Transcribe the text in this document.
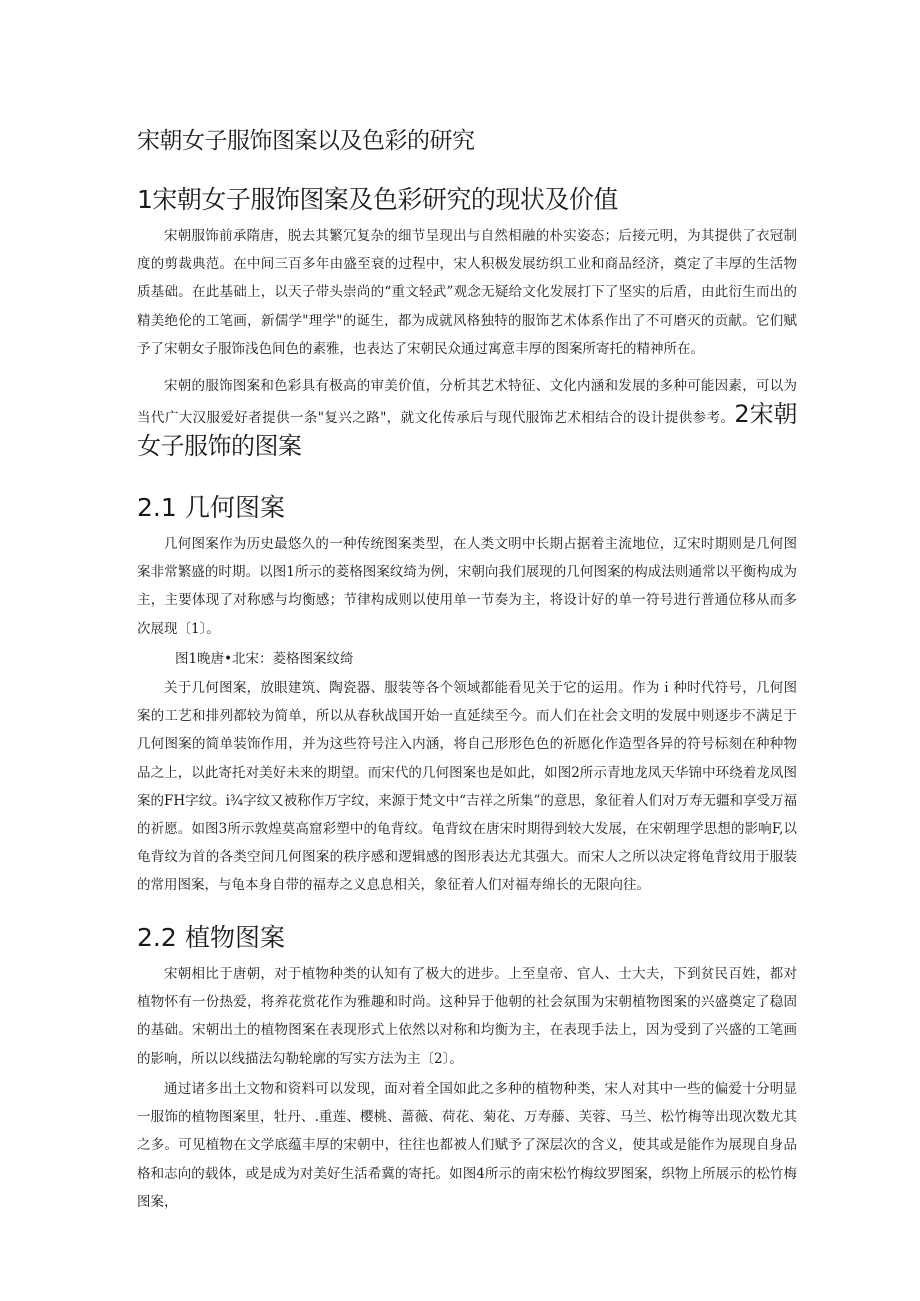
宋朝女子服饰图案以及色彩的研究
1宋朝女子服饰图案及色彩研究的现状及价值

宋朝服饰前承隋唐，脱去其繁冗复杂的细节呈现出与自然相融的朴实姿态；后接元明，为其提供了衣冠制度的剪裁典范。在中间三百多年由盛至衰的过程中，宋人积极发展纺织工业和商品经济，奠定了丰厚的生活物质基础。在此基础上，以天子带头崇尚的“重文轻武”观念无疑给文化发展打下了坚实的后盾，由此衍生而出的精美绝伦的工笔画，新儒学"理学"的诞生，都为成就风格独特的服饰艺术体系作出了不可磨灭的贡献。它们赋予了宋朝女子服饰浅色间色的素雅，也表达了宋朝民众通过寓意丰厚的图案所寄托的精神所在。

宋朝的服饰图案和色彩具有极高的审美价值，分析其艺术特征、文化内涵和发展的多种可能因素，可以为当代广大汉服爱好者提供一条"复兴之路"，就文化传承后与现代服饰艺术相结合的设计提供参考。2宋朝女子服饰的图案

2.1 几何图案

几何图案作为历史最悠久的一种传统图案类型，在人类文明中长期占据着主流地位，辽宋时期则是几何图案非常繁盛的时期。以图1所示的菱格图案纹绮为例，宋朝向我们展现的几何图案的构成法则通常以平衡构成为主，主要体现了对称感与均衡感；节律构成则以使用单一节奏为主，将设计好的单一符号进行普通位移从而多次展现〔1〕。

图1晚唐•北宋：菱格图案纹绮

关于几何图案，放眼建筑、陶瓷器、服装等各个领域都能看见关于它的运用。作为ｉ种时代符号，几何图案的工艺和排列都较为简单，所以从春秋战国开始一直延续至今。而人们在社会文明的发展中则逐步不满足于几何图案的简单装饰作用，并为这些符号注入内涵，将自己形形色色的祈愿化作造型各异的符号标刻在种种物品之上，以此寄托对美好未来的期望。而宋代的几何图案也是如此，如图2所示青地龙凤天华锦中环绕着龙凤图案的FH字纹。i¾字纹又被称作万字纹，来源于梵文中“吉祥之所集”的意思，象征着人们对万寿无疆和享受万福的祈愿。如图3所示敦煌莫高窟彩塑中的龟背纹。龟背纹在唐宋时期得到较大发展，在宋朝理学思想的影响F,以龟背纹为首的各类空间几何图案的秩序感和逻辑感的图形表达尤其强大。而宋人之所以决定将龟背纹用于服装的常用图案，与龟本身自带的福寿之义息息相关，象征着人们对福寿绵长的无限向往。

2.2 植物图案

宋朝相比于唐朝，对于植物种类的认知有了极大的进步。上至皇帝、官人、士大夫，下到贫民百姓，都对植物怀有一份热爱，将养花赏花作为雅趣和时尚。这种异于他朝的社会氛围为宋朝植物图案的兴盛奠定了稳固的基础。宋朝出土的植物图案在表现形式上依然以对称和均衡为主，在表现手法上，因为受到了兴盛的工笔画的影响，所以以线描法勾勒轮廓的写实方法为主〔2〕。

通过诸多出土文物和资料可以发现，面对着全国如此之多种的植物种类，宋人对其中一些的偏爱十分明显一服饰的植物图案里，牡丹、.重莲、樱桃、蔷薇、荷花、菊花、万寿藤、芙蓉、马兰、松竹梅等出现次数尤其之多。可见植物在文学底蕴丰厚的宋朝中，往往也都被人们赋予了深层次的含义，使其或是能作为展现自身品格和志向的载体，或是成为对美好生活希冀的寄托。如图4所示的南宋松竹梅纹罗图案，织物上所展示的松竹梅图案，
